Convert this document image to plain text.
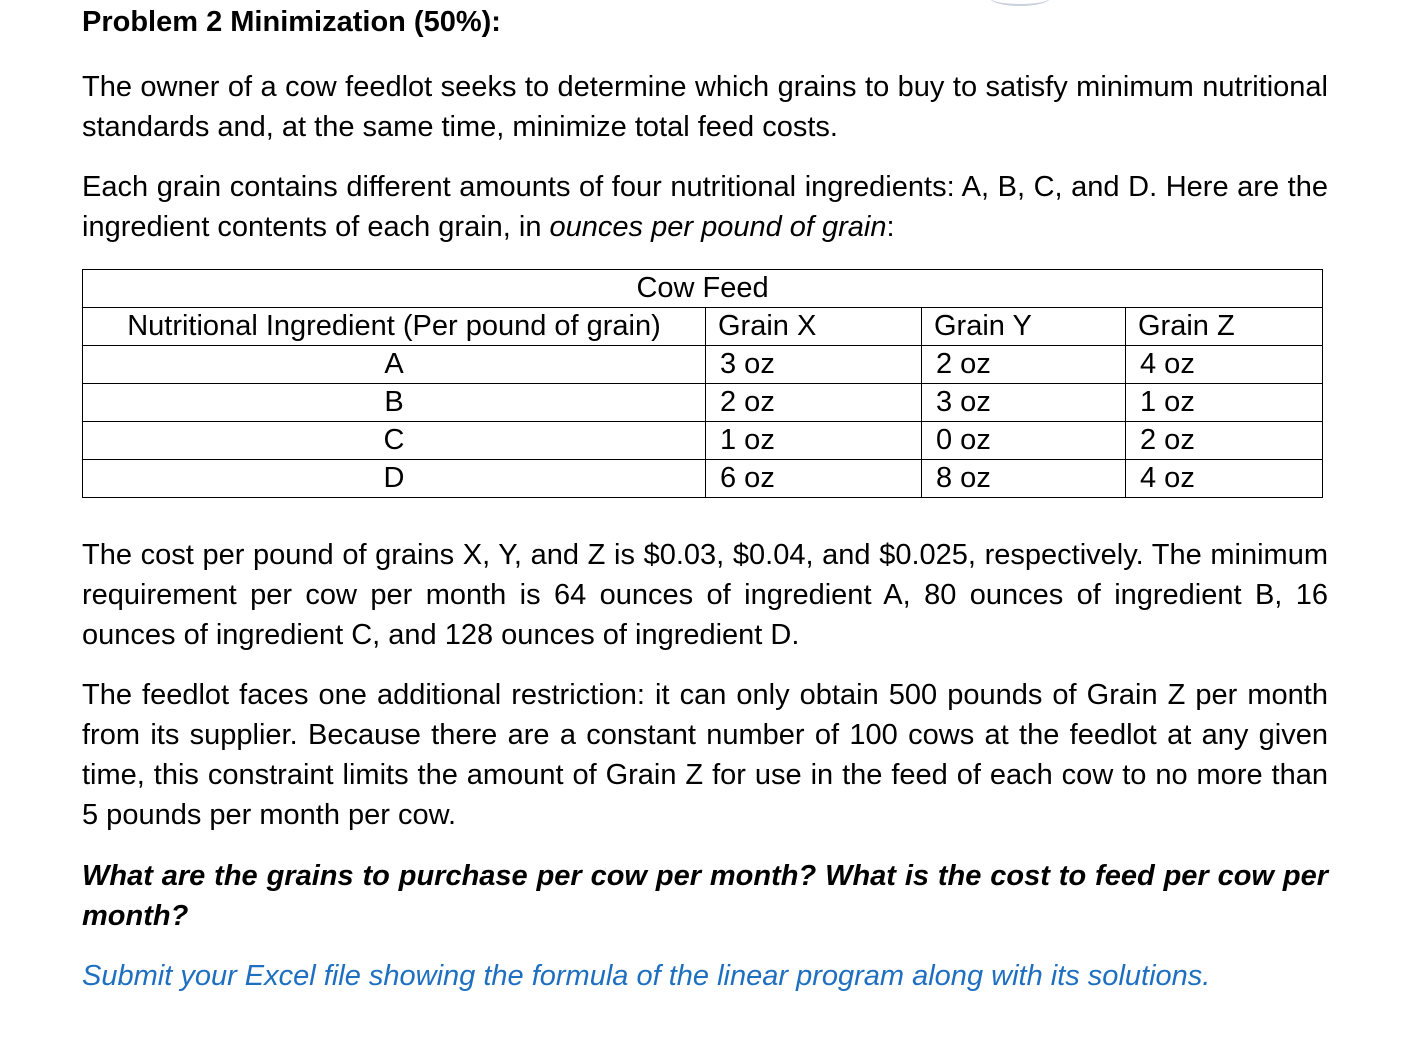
Problem 2 Minimization (50%):
The owner of a cow feedlot seeks to determine which grains to buy to satisfy minimum nutritional standards and, at the same time, minimize total feed costs.
Each grain contains different amounts of four nutritional ingredients: A, B, C, and D. Here are the ingredient contents of each grain, in ounces per pound of grain:
Cow Feed			
Nutritional Ingredient (Per pound of grain)	Grain X	Grain Y	Grain Z
A	3 oz	2 oz	4 oz
B	2 oz	3 oz	1 oz
C	1 oz	0 oz	2 oz
D	6 oz	8 oz	4 oz
The cost per pound of grains X, Y, and Z is $0.03, $0.04, and $0.025, respectively. The minimum requirement per cow per month is 64 ounces of ingredient A, 80 ounces of ingredient B, 16 ounces of ingredient C, and 128 ounces of ingredient D.
The feedlot faces one additional restriction: it can only obtain 500 pounds of Grain Z per month from its supplier. Because there are a constant number of 100 cows at the feedlot at any given time, this constraint limits the amount of Grain Z for use in the feed of each cow to no more than 5 pounds per month per cow.
What are the grains to purchase per cow per month? What is the cost to feed per cow per month?
Submit your Excel file showing the formula of the linear program along with its solutions.
